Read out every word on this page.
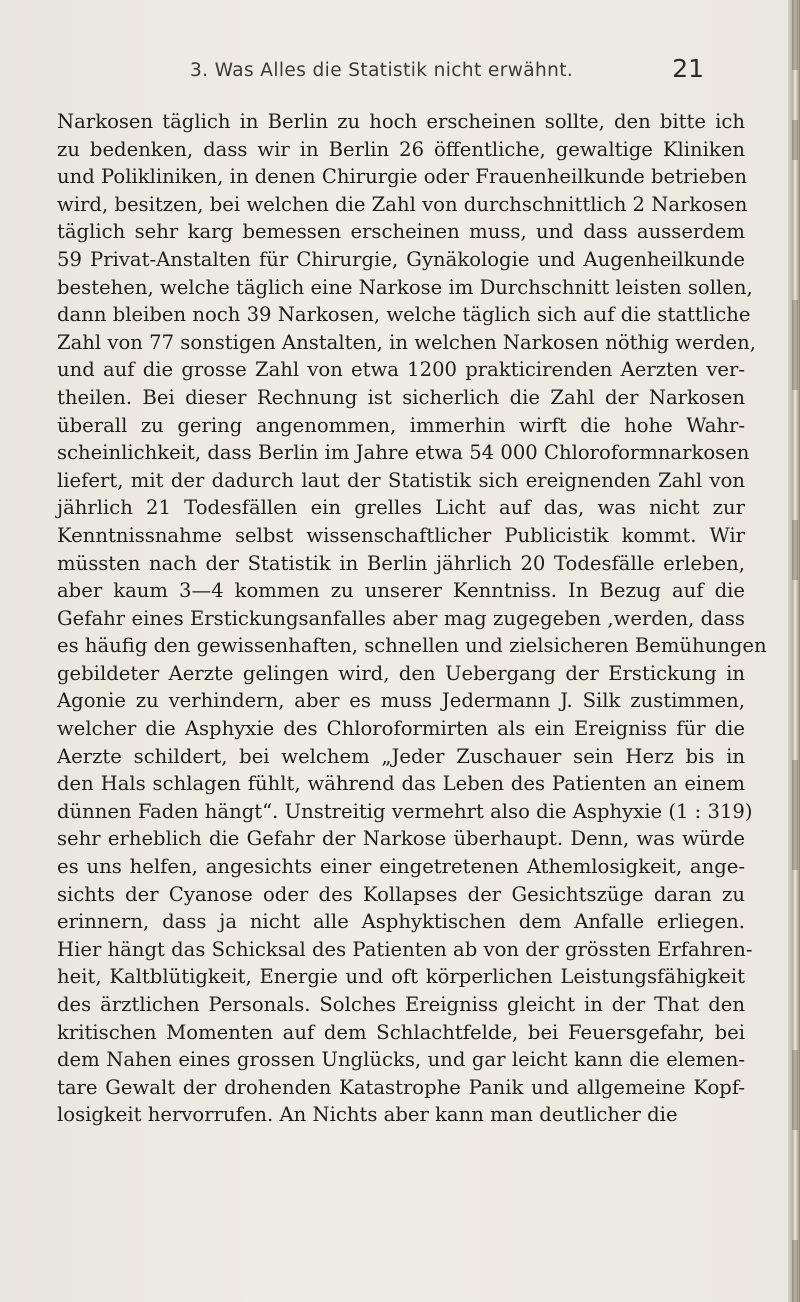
3. Was Alles die Statistik nicht erwähnt.	21
Narkosen täglich in Berlin zu hoch erscheinen sollte, den bitte ich
zu bedenken, dass wir in Berlin 26 öffentliche, gewaltige Kliniken
und Polikliniken, in denen Chirurgie oder Frauenheilkunde betrieben
wird, besitzen, bei welchen die Zahl von durchschnittlich 2 Narkosen
täglich sehr karg bemessen erscheinen muss, und dass ausserdem
59 Privat-Anstalten für Chirurgie, Gynäkologie und Augenheilkunde
bestehen, welche täglich eine Narkose im Durchschnitt leisten sollen,
dann bleiben noch 39 Narkosen, welche täglich sich auf die stattliche
Zahl von 77 sonstigen Anstalten, in welchen Narkosen nöthig werden,
und auf die grosse Zahl von etwa 1200 prakticirenden Aerzten ver-
theilen. Bei dieser Rechnung ist sicherlich die Zahl der Narkosen
überall zu gering angenommen, immerhin wirft die hohe Wahr-
scheinlichkeit, dass Berlin im Jahre etwa 54 000 Chloroformnarkosen
liefert, mit der dadurch laut der Statistik sich ereignenden Zahl von
jährlich 21 Todesfällen ein grelles Licht auf das, was nicht zur
Kenntnissnahme selbst wissenschaftlicher Publicistik kommt. Wir
müssten nach der Statistik in Berlin jährlich 20 Todesfälle erleben,
aber kaum 3—4 kommen zu unserer Kenntniss. In Bezug auf die
Gefahr eines Erstickungsanfalles aber mag zugegeben ,werden, dass
es häufig den gewissenhaften, schnellen und zielsicheren Bemühungen
gebildeter Aerzte gelingen wird, den Uebergang der Erstickung in
Agonie zu verhindern, aber es muss Jedermann J. Silk zustimmen,
welcher die Asphyxie des Chloroformirten als ein Ereigniss für die
Aerzte schildert, bei welchem „Jeder Zuschauer sein Herz bis in
den Hals schlagen fühlt, während das Leben des Patienten an einem
dünnen Faden hängt“. Unstreitig vermehrt also die Asphyxie (1 : 319)
sehr erheblich die Gefahr der Narkose überhaupt. Denn, was würde
es uns helfen, angesichts einer eingetretenen Athemlosigkeit, ange-
sichts der Cyanose oder des Kollapses der Gesichtszüge daran zu
erinnern, dass ja nicht alle Asphyktischen dem Anfalle erliegen.
Hier hängt das Schicksal des Patienten ab von der grössten Erfahren-
heit, Kaltblütigkeit, Energie und oft körperlichen Leistungsfähigkeit
des ärztlichen Personals. Solches Ereigniss gleicht in der That den
kritischen Momenten auf dem Schlachtfelde, bei Feuersgefahr, bei
dem Nahen eines grossen Unglücks, und gar leicht kann die elemen-
tare Gewalt der drohenden Katastrophe Panik und allgemeine Kopf-
losigkeit hervorrufen. An Nichts aber kann man deutlicher die
